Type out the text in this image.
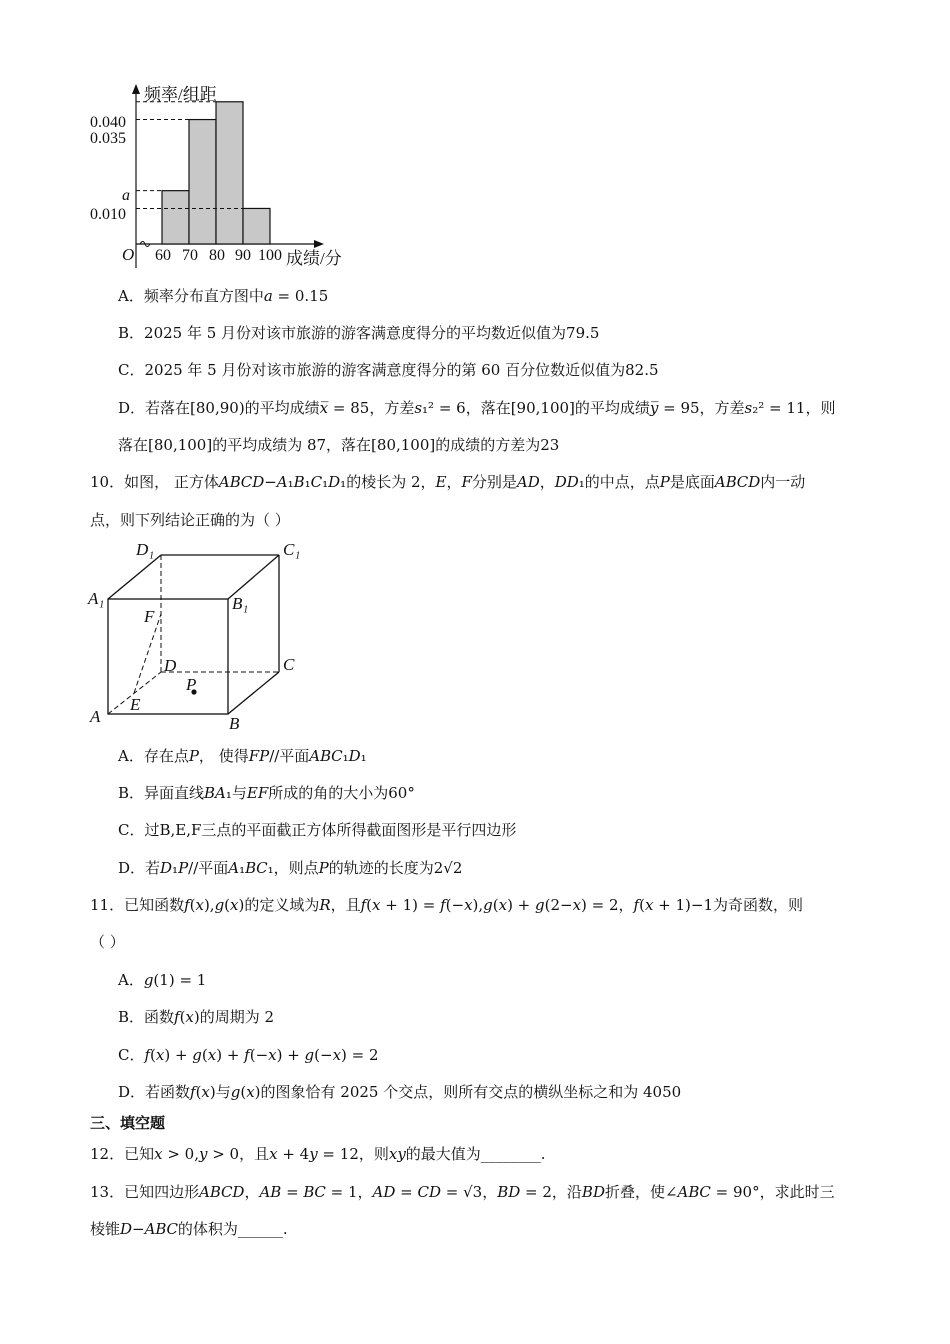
频率/组距
成绩/分
O
0.040
0.035
a
0.010
60 70 80 90 100
A．频率分布直方图中𝑎 = 0.15
B．2025 年 5 月份对该市旅游的游客满意度得分的平均数近似值为79.5
C．2025 年 5 月份对该市旅游的游客满意度得分的第 60 百分位数近似值为82.5
D．若落在[80,90)的平均成绩𝑥̅ = 85，方差𝑠₁² = 6，落在[90,100]的平均成绩𝑦̅ = 95，方差𝑠₂² = 11，则
落在[80,100]的平均成绩为 87，落在[80,100]的成绩的方差为23
10．如图， 正方体𝐴𝐵𝐶𝐷−𝐴₁𝐵₁𝐶₁𝐷₁的棱长为 2，𝐸，𝐹分别是𝐴𝐷，𝐷𝐷₁的中点，点𝑃是底面𝐴𝐵𝐶𝐷内一动
点，则下列结论正确的为（ ）
D₁	C₁
A₁	B₁
F
D	C
P
A
E
B
A．存在点𝑃， 使得𝐹𝑃//平面𝐴𝐵𝐶₁𝐷₁
B．异面直线𝐵𝐴₁与𝐸𝐹所成的角的大小为60°
C．过B,E,F三点的平面截正方体所得截面图形是平行四边形
D．若𝐷₁𝑃//平面𝐴₁𝐵𝐶₁，则点𝑃的轨迹的长度为2√2
11．已知函数𝑓(𝑥),𝑔(𝑥)的定义域为𝑅，且𝑓(𝑥 + 1) = 𝑓(−𝑥),𝑔(𝑥) + 𝑔(2−𝑥) = 2，𝑓(𝑥 + 1)−1为奇函数，则
（ ）
A．𝑔(1) = 1
B．函数𝑓(𝑥)的周期为 2
C．𝑓(𝑥) + 𝑔(𝑥) + 𝑓(−𝑥) + 𝑔(−𝑥) = 2
D．若函数𝑓(𝑥)与𝑔(𝑥)的图象恰有 2025 个交点，则所有交点的横纵坐标之和为 4050
三、填空题
12．已知𝑥 > 0,𝑦 > 0，且𝑥 + 4𝑦 = 12，则𝑥𝑦的最大值为________.
13．已知四边形𝐴𝐵𝐶𝐷，𝐴𝐵 = 𝐵𝐶 = 1，𝐴𝐷 = 𝐶𝐷 = √3，𝐵𝐷 = 2，沿𝐵𝐷折叠，使∠𝐴𝐵𝐶 = 90°，求此时三
棱锥𝐷−𝐴𝐵𝐶的体积为______.
